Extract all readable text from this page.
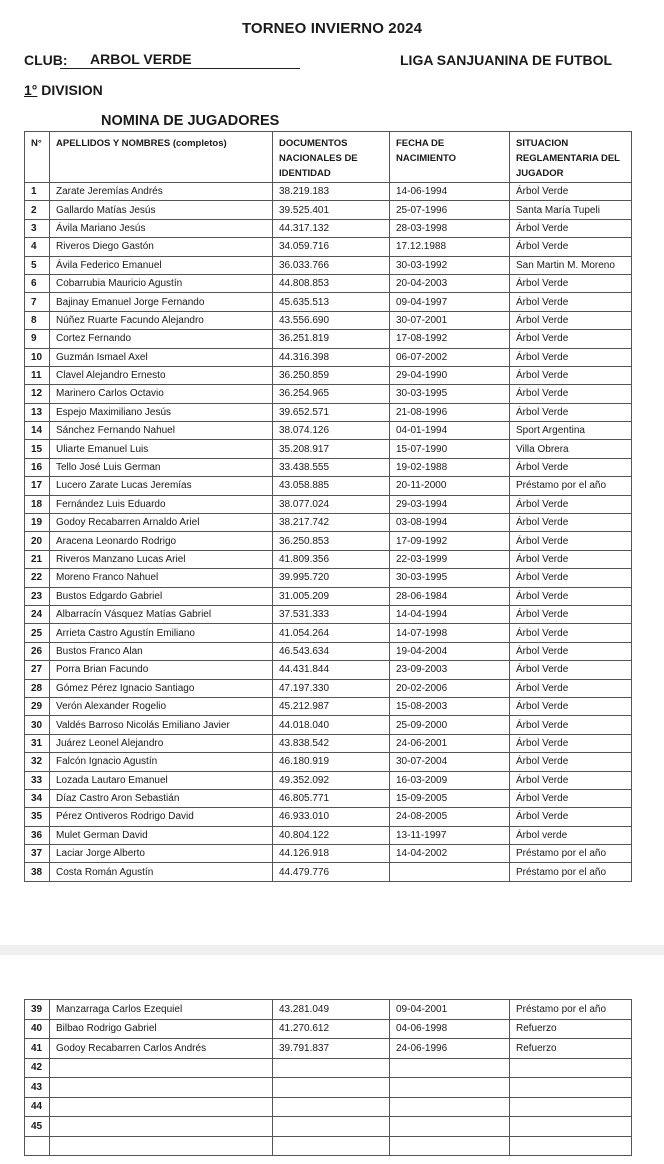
TORNEO INVIERNO 2024
CLUB:	ARBOL VERDE	LIGA SANJUANINA DE FUTBOL
1° DIVISION
NOMINA DE JUGADORES
N°	APELLIDOS Y NOMBRES (completos)	DOCUMENTOS NACIONALES DE IDENTIDAD	FECHA DE NACIMIENTO	SITUACION REGLAMENTARIA DEL JUGADOR
1	Zarate Jeremías Andrés	38.219.183	14-06-1994	Árbol Verde
2	Gallardo Matías Jesús	39.525.401	25-07-1996	Santa María Tupeli
3	Ávila Mariano Jesús	44.317.132	28-03-1998	Árbol Verde
4	Riveros Diego Gastón	34.059.716	17.12.1988	Árbol Verde
5	Ávila Federico Emanuel	36.033.766	30-03-1992	San Martin M. Moreno
6	Cobarrubia Mauricio Agustín	44.808.853	20-04-2003	Árbol Verde
7	Bajinay Emanuel Jorge Fernando	45.635.513	09-04-1997	Árbol Verde
8	Núñez Ruarte Facundo Alejandro	43.556.690	30-07-2001	Árbol Verde
9	Cortez Fernando	36.251.819	17-08-1992	Árbol Verde
10	Guzmán Ismael Axel	44.316.398	06-07-2002	Árbol Verde
11	Clavel Alejandro Ernesto	36.250.859	29-04-1990	Árbol Verde
12	Marinero Carlos Octavio	36.254.965	30-03-1995	Árbol Verde
13	Espejo Maximiliano Jesús	39.652.571	21-08-1996	Árbol Verde
14	Sánchez Fernando Nahuel	38.074.126	04-01-1994	Sport Argentina
15	Uliarte Emanuel Luis	35.208.917	15-07-1990	Villa Obrera
16	Tello José Luis German	33.438.555	19-02-1988	Árbol Verde
17	Lucero Zarate Lucas Jeremías	43.058.885	20-11-2000	Préstamo por el año
18	Fernández Luis Eduardo	38.077.024	29-03-1994	Árbol Verde
19	Godoy Recabarren Arnaldo Ariel	38.217.742	03-08-1994	Árbol Verde
20	Aracena Leonardo Rodrigo	36.250.853	17-09-1992	Árbol Verde
21	Riveros Manzano Lucas Ariel	41.809.356	22-03-1999	Árbol Verde
22	Moreno Franco Nahuel	39.995.720	30-03-1995	Árbol Verde
23	Bustos Edgardo Gabriel	31.005.209	28-06-1984	Árbol Verde
24	Albarracín Vásquez Matías Gabriel	37.531.333	14-04-1994	Árbol Verde
25	Arrieta Castro Agustín Emiliano	41.054.264	14-07-1998	Árbol Verde
26	Bustos Franco Alan	46.543.634	19-04-2004	Árbol Verde
27	Porra Brian Facundo	44.431.844	23-09-2003	Árbol Verde
28	Gómez Pérez Ignacio Santiago	47.197.330	20-02-2006	Árbol Verde
29	Verón Alexander Rogelio	45.212.987	15-08-2003	Árbol Verde
30	Valdés Barroso Nicolás Emiliano Javier	44.018.040	25-09-2000	Árbol Verde
31	Juárez Leonel Alejandro	43.838.542	24-06-2001	Árbol Verde
32	Falcón Ignacio Agustín	46.180.919	30-07-2004	Árbol Verde
33	Lozada Lautaro Emanuel	49.352.092	16-03-2009	Árbol Verde
34	Díaz Castro Aron Sebastián	46.805.771	15-09-2005	Árbol Verde
35	Pérez Ontiveros Rodrigo David	46.933.010	24-08-2005	Árbol Verde
36	Mulet German David	40.804.122	13-11-1997	Árbol verde
37	Laciar Jorge Alberto	44.126.918	14-04-2002	Préstamo por el año
38	Costa Román Agustín	44.479.776		Préstamo por el año
39	Manzarraga Carlos Ezequiel	43.281.049	09-04-2001	Préstamo por el año
40	Bilbao Rodrigo Gabriel	41.270.612	04-06-1998	Refuerzo
41	Godoy Recabarren Carlos Andrés	39.791.837	24-06-1996	Refuerzo
42				
43				
44				
45				
